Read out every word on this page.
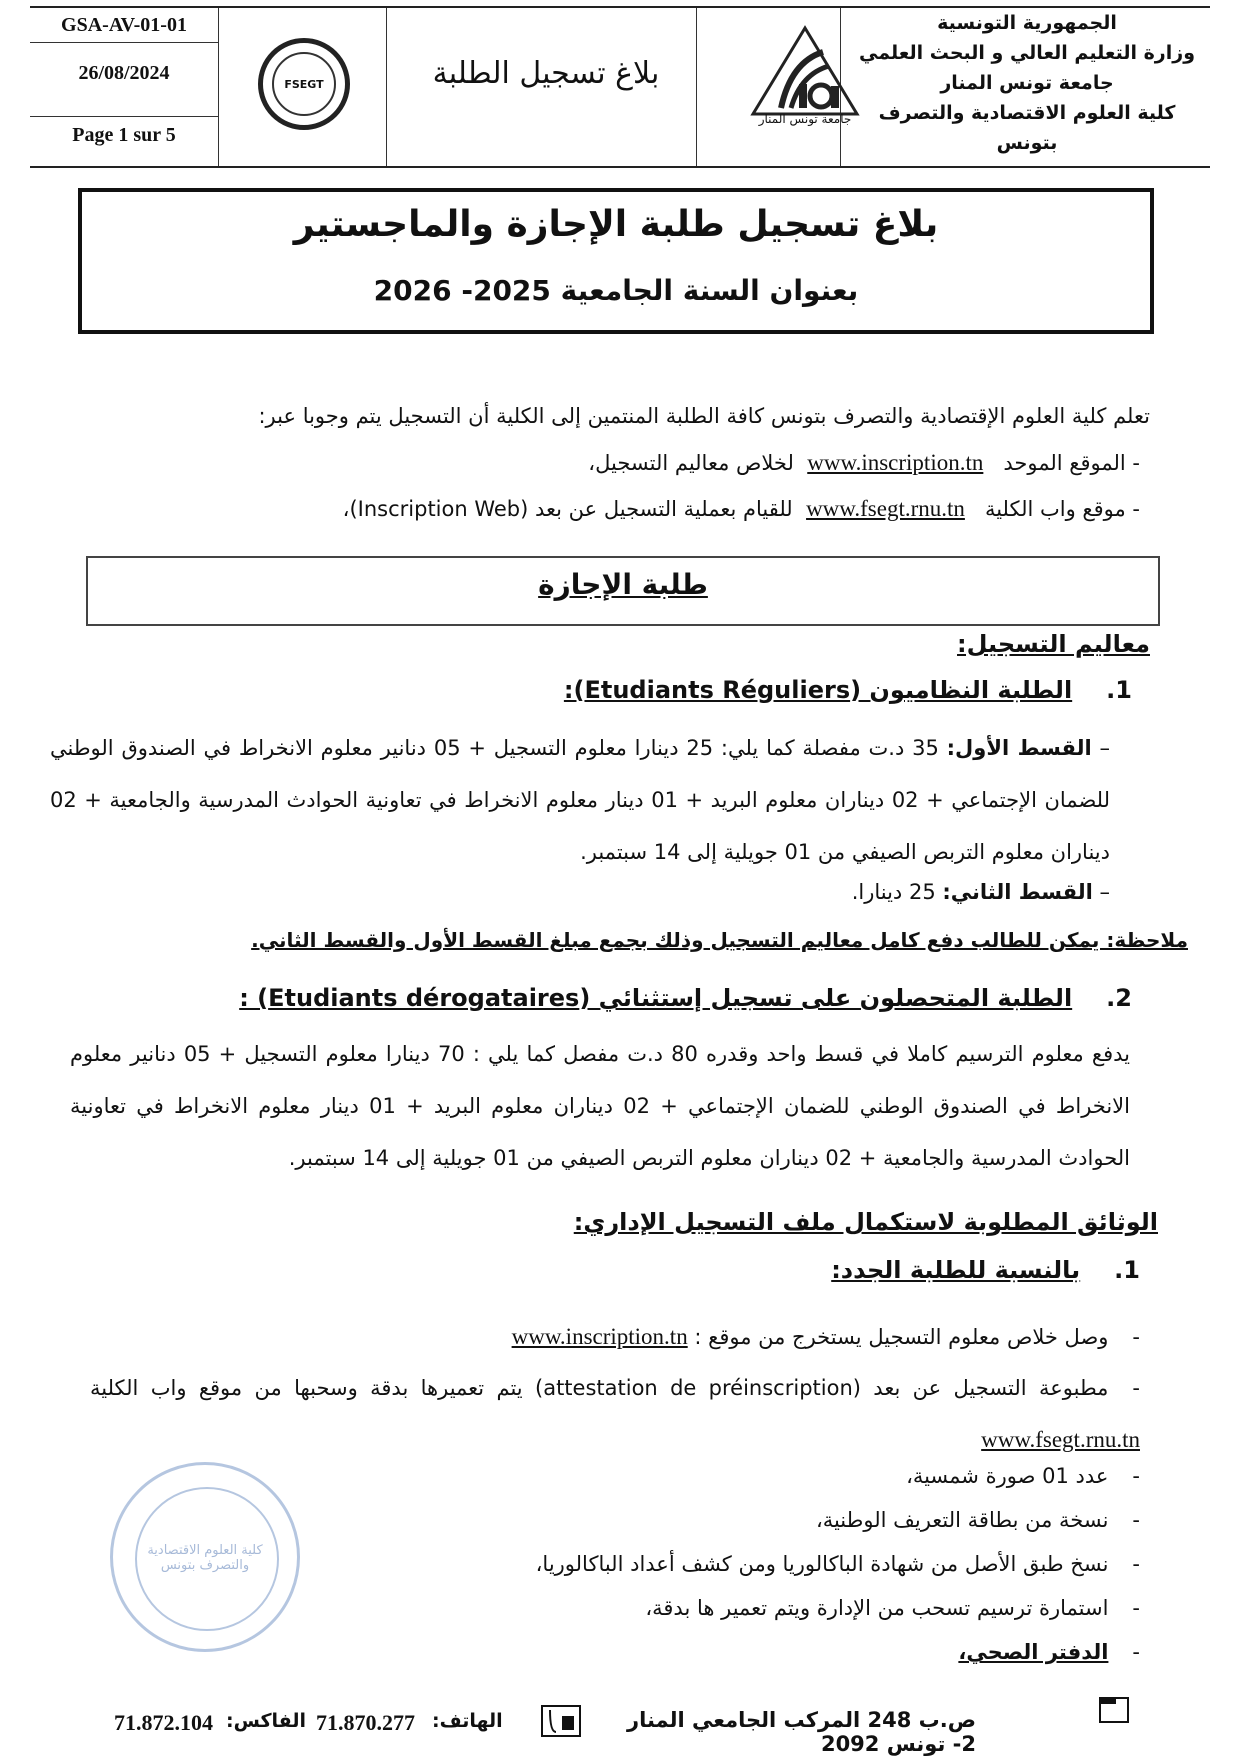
GSA-AV-01-01
26/08/2024
Page 1 sur 5
FSEGT	بلاغ تسجيل الطلبة
جامعة تونس المنار
الجمهورية التونسية
وزارة التعليم العالي و البحث العلمي
جامعة تونس المنار
كلية العلوم الاقتصادية والتصرف بتونس
بلاغ تسجيل طلبة الإجازة والماجستير
بعنوان السنة الجامعية 2025- 2026
تعلم كلية العلوم الإقتصادية والتصرف بتونس كافة الطلبة المنتمين إلى الكلية أن التسجيل يتم وجوبا عبر:
- الموقع الموحد   www.inscription.tn  لخلاص معاليم التسجيل،
- موقع واب الكلية   www.fsegt.rnu.tn  للقيام بعملية التسجيل عن بعد (Inscription Web)،
طلبة الإجازة
معاليم التسجيل:
1.الطلبة النظاميون (Etudiants Réguliers):
– القسط الأول: 35 د.ت مفصلة كما يلي: 25 دينارا معلوم التسجيل + 05 دنانير معلوم الانخراط في الصندوق الوطني للضمان الإجتماعي + 02 ديناران معلوم البريد + 01 دينار معلوم الانخراط في تعاونية الحوادث المدرسية والجامعية + 02 ديناران معلوم التربص الصيفي من 01 جويلية إلى 14 سبتمبر.
– القسط الثاني: 25 دينارا.
ملاحظة: يمكن للطالب دفع كامل معاليم التسجيل وذلك بجمع مبلغ القسط الأول والقسط الثاني.
2.الطلبة المتحصلون على تسجيل إستثنائي (Etudiants dérogataires) :
يدفع معلوم الترسيم كاملا في قسط واحد وقدره 80 د.ت مفصل كما يلي : 70 دينارا معلوم التسجيل + 05 دنانير معلوم الانخراط في الصندوق الوطني للضمان الإجتماعي + 02 ديناران معلوم البريد + 01 دينار معلوم الانخراط في تعاونية الحوادث المدرسية والجامعية + 02 ديناران معلوم التربص الصيفي من 01 جويلية إلى 14 سبتمبر.
الوثائق المطلوبة لاستكمال ملف التسجيل الإداري:
1.بالنسبة للطلبة الجدد:
-وصل خلاص معلوم التسجيل يستخرج من موقع : www.inscription.tn
-مطبوعة التسجيل عن بعد (attestation de préinscription) يتم تعميرها بدقة وسحبها من موقع واب الكلية www.fsegt.rnu.tn
-عدد 01 صورة شمسية،
-نسخة من بطاقة التعريف الوطنية،
-نسخ طبق الأصل من شهادة الباكالوريا ومن كشف أعداد الباكالوريا،
-استمارة ترسيم تسحب من الإدارة ويتم تعمير ها بدقة،
-الدفتر الصحي،
كلية العلوم الاقتصادية والتصرف بتونس
71.872.104 الفاكس: 71.870.277 الهاتف:	ص.ب 248 المركب الجامعي المنار 2- تونس 2092
